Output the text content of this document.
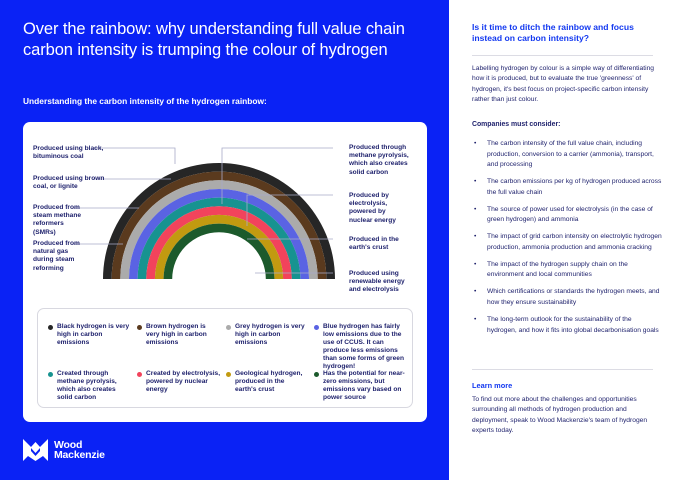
Over the rainbow: why understanding full value chain carbon intensity is trumping the colour of hydrogen
Understanding the carbon intensity of the hydrogen rainbow:
Produced using black, bituminous coal
Produced using brown coal, or lignite
Produced from steam methane reformers (SMRs)
Produced from natural gas during steam reforming
Produced through methane pyrolysis, which also creates solid carbon
Produced by electrolysis, powered by nuclear energy
Produced in the earth's crust
Produced using renewable energy and electrolysis
Black hydrogen is very high in carbon emissions
Brown hydrogen is very high in carbon emissions
Grey hydrogen is very high in carbon emissions
Blue hydrogen has fairly low emissions due to the use of CCUS. It can produce less emissions than some forms of green hydrogen!
Created through methane pyrolysis, which also creates solid carbon
Created by electrolysis, powered by nuclear energy
Geological hydrogen, produced in the earth's crust
Has the potential for near-zero emissions, but emissions vary based on power source
Wood
Mackenzie
Is it time to ditch the rainbow and focus instead on carbon intensity?

Labelling hydrogen by colour is a simple way of differentiating how it is produced, but to evaluate the true 'greenness' of hydrogen, it's best focus on project-specific carbon intensity rather than just colour.

Companies must consider:
• The carbon intensity of the full value chain, including production, conversion to a carrier (ammonia), transport, and processing
• The carbon emissions per kg of hydrogen produced across the full value chain
• The source of power used for electrolysis (in the case of green hydrogen) and ammonia
• The impact of grid carbon intensity on electrolytic hydrogen production, ammonia production and ammonia cracking
• The impact of the hydrogen supply chain on the environment and local communities
• Which certifications or standards the hydrogen meets, and how they ensure sustainability
• The long-term outlook for the sustainability of the hydrogen, and how it fits into global decarbonisation goals
Learn more

To find out more about the challenges and opportunities surrounding all methods of hydrogen production and deployment, speak to Wood Mackenzie's team of hydrogen experts today.
